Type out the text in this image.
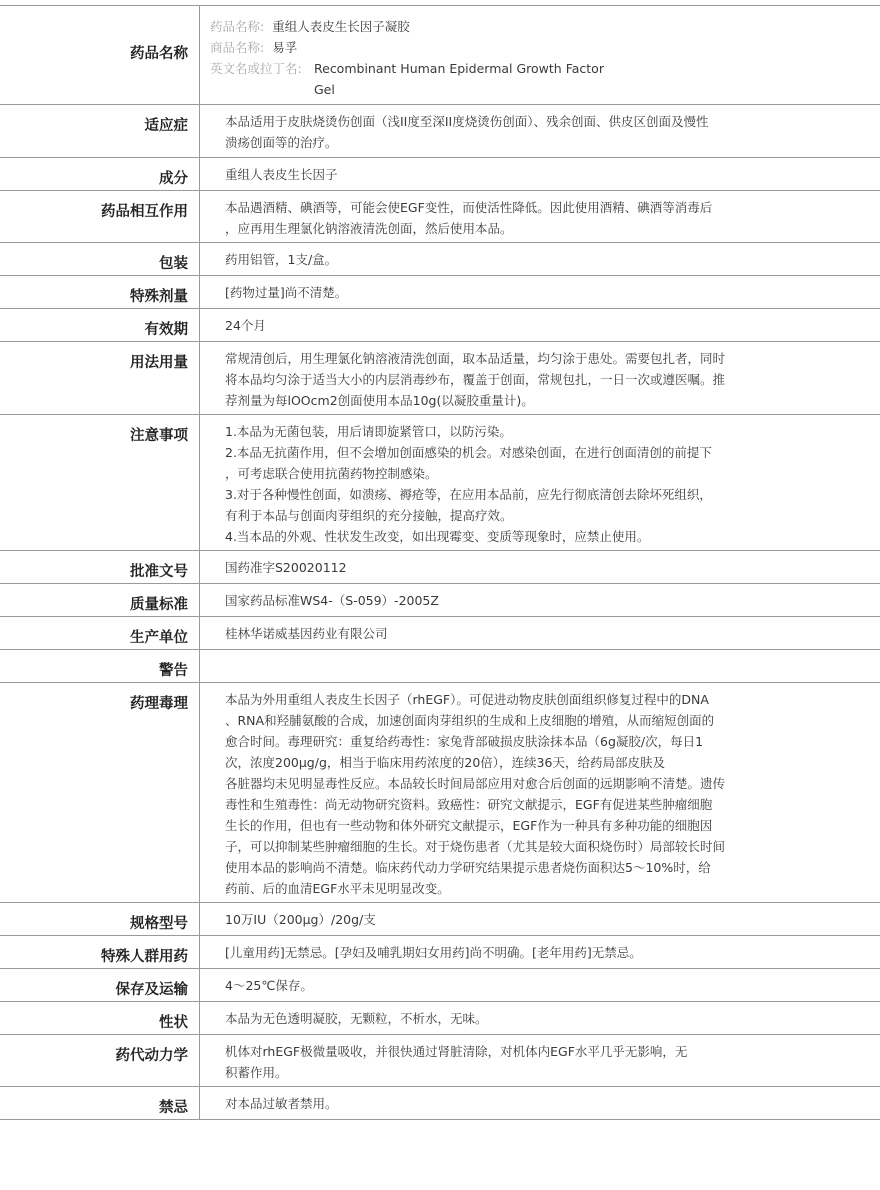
药品名称
药品名称: 重组人表皮生长因子凝胶
商品名称: 易孚
英文名或拉丁名: Recombinant Human Epidermal Growth Factor
Gel
适应症	本品适用于皮肤烧烫伤创面（浅II度至深II度烧烫伤创面）、残余创面、供皮区创面及慢性
溃疡创面等的治疗。
成分	重组人表皮生长因子
药品相互作用	本品遇酒精、碘酒等，可能会使EGF变性，而使活性降低。因此使用酒精、碘酒等消毒后
，应再用生理氯化钠溶液清洗创面，然后使用本品。
包装	药用铝管，1支/盒。
特殊剂量	[药物过量]尚不清楚。
有效期	24个月
用法用量	常规清创后，用生理氯化钠溶液清洗创面，取本品适量，均匀涂于患处。需要包扎者，同时
将本品均匀涂于适当大小的内层消毒纱布，覆盖于创面，常规包扎，一日一次或遵医嘱。推
荐剂量为每lOOcm2创面使用本品10g(以凝胶重量计)。
注意事项	1.本品为无菌包装，用后请即旋紧管口，以防污染。
2.本品无抗菌作用，但不会增加创面感染的机会。对感染创面，在进行创面清创的前提下
，可考虑联合使用抗菌药物控制感染。
3.对于各种慢性创面，如溃疡、褥疮等，在应用本品前，应先行彻底清创去除坏死组织，
有利于本品与创面肉芽组织的充分接触，提高疗效。
4.当本品的外观、性状发生改变，如出现霉变、变质等现象时，应禁止使用。
批准文号	国药准字S20020112
质量标准	国家药品标准WS4-（S-059）-2005Z
生产单位	桂林华诺威基因药业有限公司
警告
药理毒理	本品为外用重组人表皮生长因子（rhEGF）。可促进动物皮肤创面组织修复过程中的DNA
、RNA和羟脯氨酸的合成，加速创面肉芽组织的生成和上皮细胞的增殖，从而缩短创面的
愈合时间。毒理研究：重复给药毒性：家兔背部破损皮肤涂抹本品（6g凝胶/次，每日1
次，浓度200μg/g，相当于临床用药浓度的20倍），连续36天，给药局部皮肤及
各脏器均未见明显毒性反应。本品较长时间局部应用对愈合后创面的远期影响不清楚。遗传
毒性和生殖毒性：尚无动物研究资料。致癌性：研究文献提示，EGF有促进某些肿瘤细胞
生长的作用，但也有一些动物和体外研究文献提示，EGF作为一种具有多种功能的细胞因
子，可以抑制某些肿瘤细胞的生长。对于烧伤患者（尤其是较大面积烧伤时）局部较长时间
使用本品的影响尚不清楚。临床药代动力学研究结果提示患者烧伤面积达5～10%时，给
药前、后的血清EGF水平未见明显改变。
规格型号	10万IU（200μg）/20g/支
特殊人群用药	[儿童用药]无禁忌。[孕妇及哺乳期妇女用药]尚不明确。[老年用药]无禁忌。
保存及运输	4～25℃保存。
性状	本品为无色透明凝胶，无颗粒，不析水，无味。
药代动力学	机体对rhEGF极微量吸收，并很快通过肾脏清除，对机体内EGF水平几乎无影响，无
积蓄作用。
禁忌	对本品过敏者禁用。
